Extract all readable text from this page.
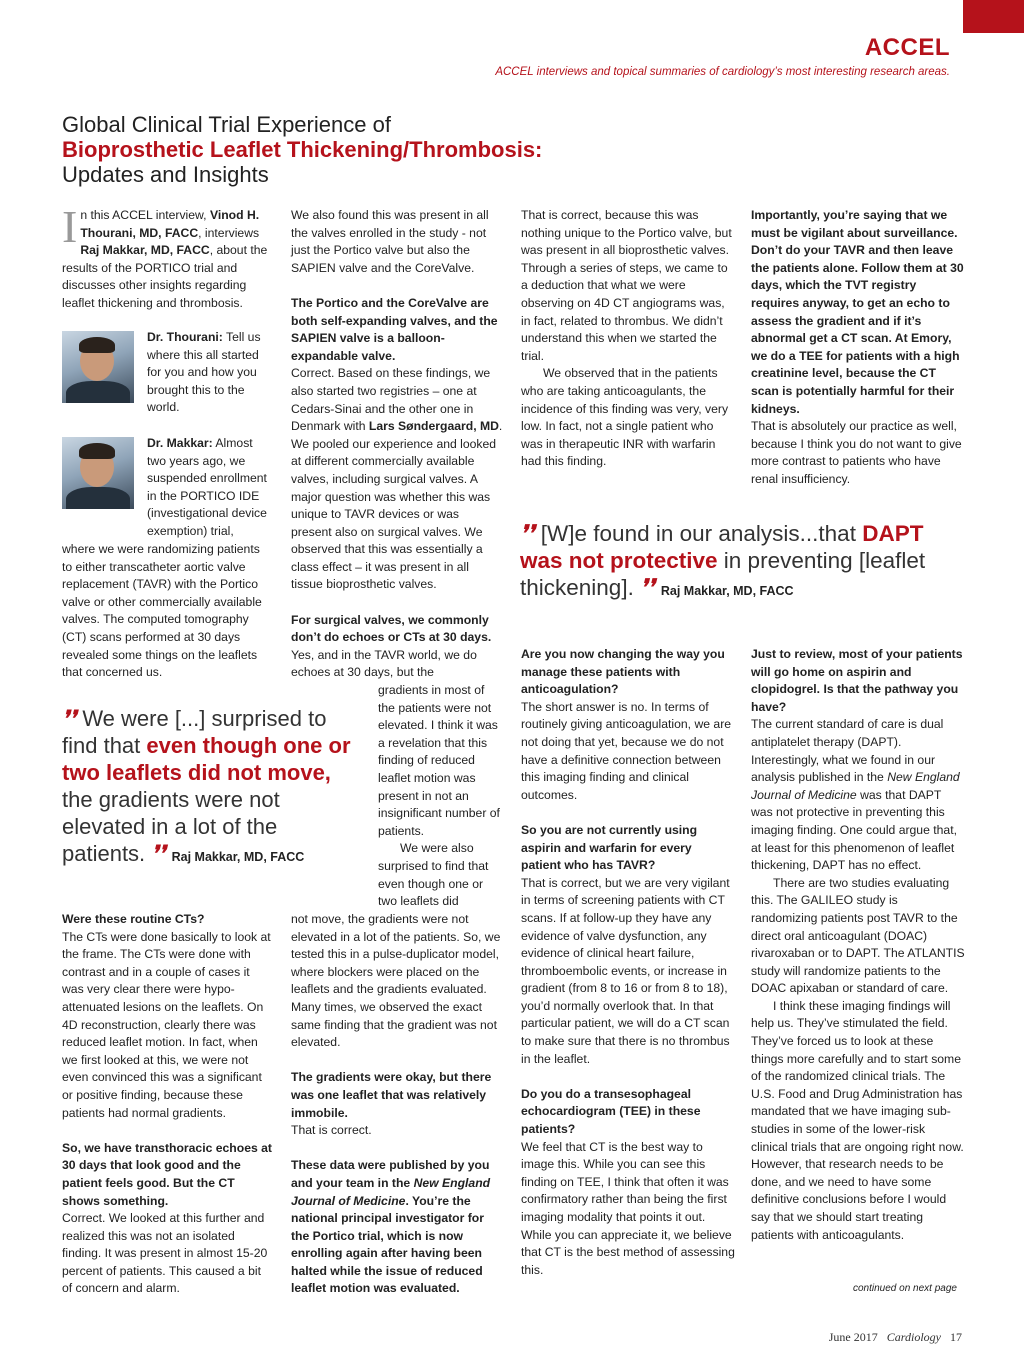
ACCEL
ACCEL interviews and topical summaries of cardiology’s most interesting research areas.
Global Clinical Trial Experience of
Bioprosthetic Leaflet Thickening/Thrombosis:
Updates and Insights

In this ACCEL interview, Vinod H. Thourani, MD, FACC, interviews Raj Makkar, MD, FACC, about the results of the PORTICO trial and discusses other insights regarding leaflet thickening and thrombosis.

Dr. Thourani: Tell us where this all started for you and how you brought this to the world.

Dr. Makkar: Almost two years ago, we suspended enrollment in the PORTICO IDE (investigational device exemption) trial,

where we were randomizing patients to either transcatheter aortic valve replacement (TAVR) with the Portico valve or other commercially available valves. The computed tomography (CT) scans performed at 30 days revealed some things on the leaflets that concerned us.

❜❜ We were [...] surprised to find that even though one or two leaflets did not move, the gradients were not elevated in a lot of the patients. ❜❜ Raj Makkar, MD, FACC

Were these routine CTs?

The CTs were done basically to look at the frame. The CTs were done with contrast and in a couple of cases it was very clear there were hypo-attenuated lesions on the leaflets. On 4D reconstruction, clearly there was reduced leaflet motion. In fact, when we first looked at this, we were not even convinced this was a significant or positive finding, because these patients had normal gradients.

So, we have transthoracic echoes at 30 days that look good and the patient feels good. But the CT shows something.

Correct. We looked at this further and realized this was not an isolated finding. It was present in almost 15-20 percent of patients. This caused a bit of concern and alarm.

We also found this was present in all the valves enrolled in the study - not just the Portico valve but also the SAPIEN valve and the CoreValve.

The Portico and the CoreValve are both self-expanding valves, and the SAPIEN valve is a balloon-expandable valve.

Correct. Based on these findings, we also started two registries – one at Cedars-Sinai and the other one in Denmark with Lars Søndergaard, MD. We pooled our experience and looked at different commercially available valves, including surgical valves. A major question was whether this was unique to TAVR devices or was present also on surgical valves. We observed that this was essentially a class effect – it was present in all tissue bioprosthetic valves.

For surgical valves, we commonly don’t do echoes or CTs at 30 days.

Yes, and in the TAVR world, we do echoes at 30 days, but the

gradients in most of the patients were not elevated. I think it was a revelation that this finding of reduced leaflet motion was present in not an insignificant number of patients.

We were also surprised to find that even though one or two leaflets did

not move, the gradients were not elevated in a lot of the patients. So, we tested this in a pulse-duplicator model, where blockers were placed on the leaflets and the gradients evaluated. Many times, we observed the exact same finding that the gradient was not elevated.

The gradients were okay, but there was one leaflet that was relatively immobile.

That is correct.

These data were published by you and your team in the New England Journal of Medicine. You’re the national principal investigator for the Portico trial, which is now enrolling again after having been halted while the issue of reduced leaflet motion was evaluated.

That is correct, because this was nothing unique to the Portico valve, but was present in all bioprosthetic valves. Through a series of steps, we came to a deduction that what we were observing on 4D CT angiograms was, in fact, related to thrombus. We didn’t understand this when we started the trial.

We observed that in the patients who are taking anticoagulants, the incidence of this finding was very, very low. In fact, not a single patient who was in therapeutic INR with warfarin had this finding.

Importantly, you’re saying that we must be vigilant about surveillance. Don’t do your TAVR and then leave the patients alone. Follow them at 30 days, which the TVT registry requires anyway, to get an echo to assess the gradient and if it’s abnormal get a CT scan. At Emory, we do a TEE for patients with a high creatinine level, because the CT scan is potentially harmful for their kidneys.

That is absolutely our practice as well, because I think you do not want to give more contrast to patients who have renal insufficiency.

❜❜ [W]e found in our analysis...that DAPT was not protective in preventing [leaflet thickening]. ❜❜ Raj Makkar, MD, FACC

Are you now changing the way you manage these patients with anticoagulation?

The short answer is no. In terms of routinely giving anticoagulation, we are not doing that yet, because we do not have a definitive connection between this imaging finding and clinical outcomes.

So you are not currently using aspirin and warfarin for every patient who has TAVR?

That is correct, but we are very vigilant in terms of screening patients with CT scans. If at follow-up they have any evidence of valve dysfunction, any evidence of clinical heart failure, thromboembolic events, or increase in gradient (from 8 to 16 or from 8 to 18), you’d normally overlook that. In that particular patient, we will do a CT scan to make sure that there is no thrombus in the leaflet.

Do you do a transesophageal echocardiogram (TEE) in these patients?

We feel that CT is the best way to image this. While you can see this finding on TEE, I think that often it was confirmatory rather than being the first imaging modality that points it out. While you can appreciate it, we believe that CT is the best method of assessing this.

Just to review, most of your patients will go home on aspirin and clopidogrel. Is that the pathway you have?

The current standard of care is dual antiplatelet therapy (DAPT). Interestingly, what we found in our analysis published in the New England Journal of Medicine was that DAPT was not protective in preventing this imaging finding. One could argue that, at least for this phenomenon of leaflet thickening, DAPT has no effect.

There are two studies evaluating this. The GALILEO study is randomizing patients post TAVR to the direct oral anticoagulant (DOAC) rivaroxaban or to DAPT. The ATLANTIS study will randomize patients to the DOAC apixaban or standard of care.

I think these imaging findings will help us. They’ve stimulated the field. They’ve forced us to look at these things more carefully and to start some of the randomized clinical trials. The U.S. Food and Drug Administration has mandated that we have imaging sub-studies in some of the lower-risk clinical trials that are ongoing right now. However, that research needs to be done, and we need to have some definitive conclusions before I would say that we should start treating patients with anticoagulants.

continued on next page
June 2017 Cardiology 17
